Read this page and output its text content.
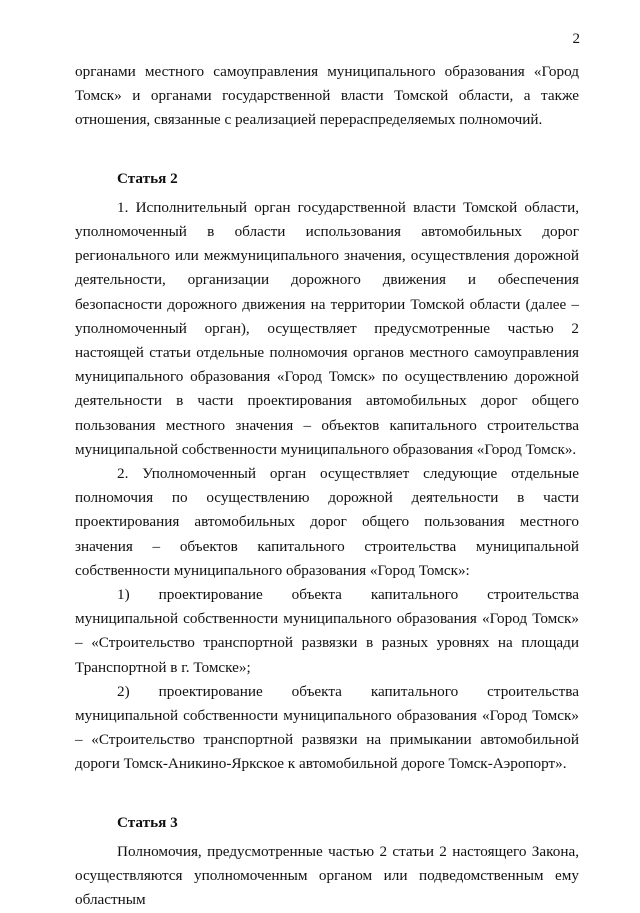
2

органами местного самоуправления муниципального образования «Город Томск» и органами государственной власти Томской области, а также отношения, связанные с реализацией перераспределяемых полномочий.

Статья 2

1. Исполнительный орган государственной власти Томской области, уполномоченный в области использования автомобильных дорог регионального или межмуниципального значения, осуществления дорожной деятельности, организации дорожного движения и обеспечения безопасности дорожного движения на территории Томской области (далее – уполномоченный орган), осуществляет предусмотренные частью 2 настоящей статьи отдельные полномочия органов местного самоуправления муниципального образования «Город Томск» по осуществлению дорожной деятельности в части проектирования автомобильных дорог общего пользования местного значения – объектов капитального строительства муниципальной собственности муниципального образования «Город Томск».

2. Уполномоченный орган осуществляет следующие отдельные полномочия по осуществлению дорожной деятельности в части проектирования автомобильных дорог общего пользования местного значения – объектов капитального строительства муниципальной собственности муниципального образования «Город Томск»:

1) проектирование объекта капитального строительства муниципальной собственности муниципального образования «Город Томск» – «Строительство транспортной развязки в разных уровнях на площади Транспортной в г. Томске»;

2) проектирование объекта капитального строительства муниципальной собственности муниципального образования «Город Томск» – «Строительство транспортной развязки на примыкании автомобильной дороги Томск-Аникино-Яркское к автомобильной дороге Томск-Аэропорт».

Статья 3

Полномочия, предусмотренные частью 2 статьи 2 настоящего Закона, осуществляются уполномоченным органом или подведомственным ему областным
